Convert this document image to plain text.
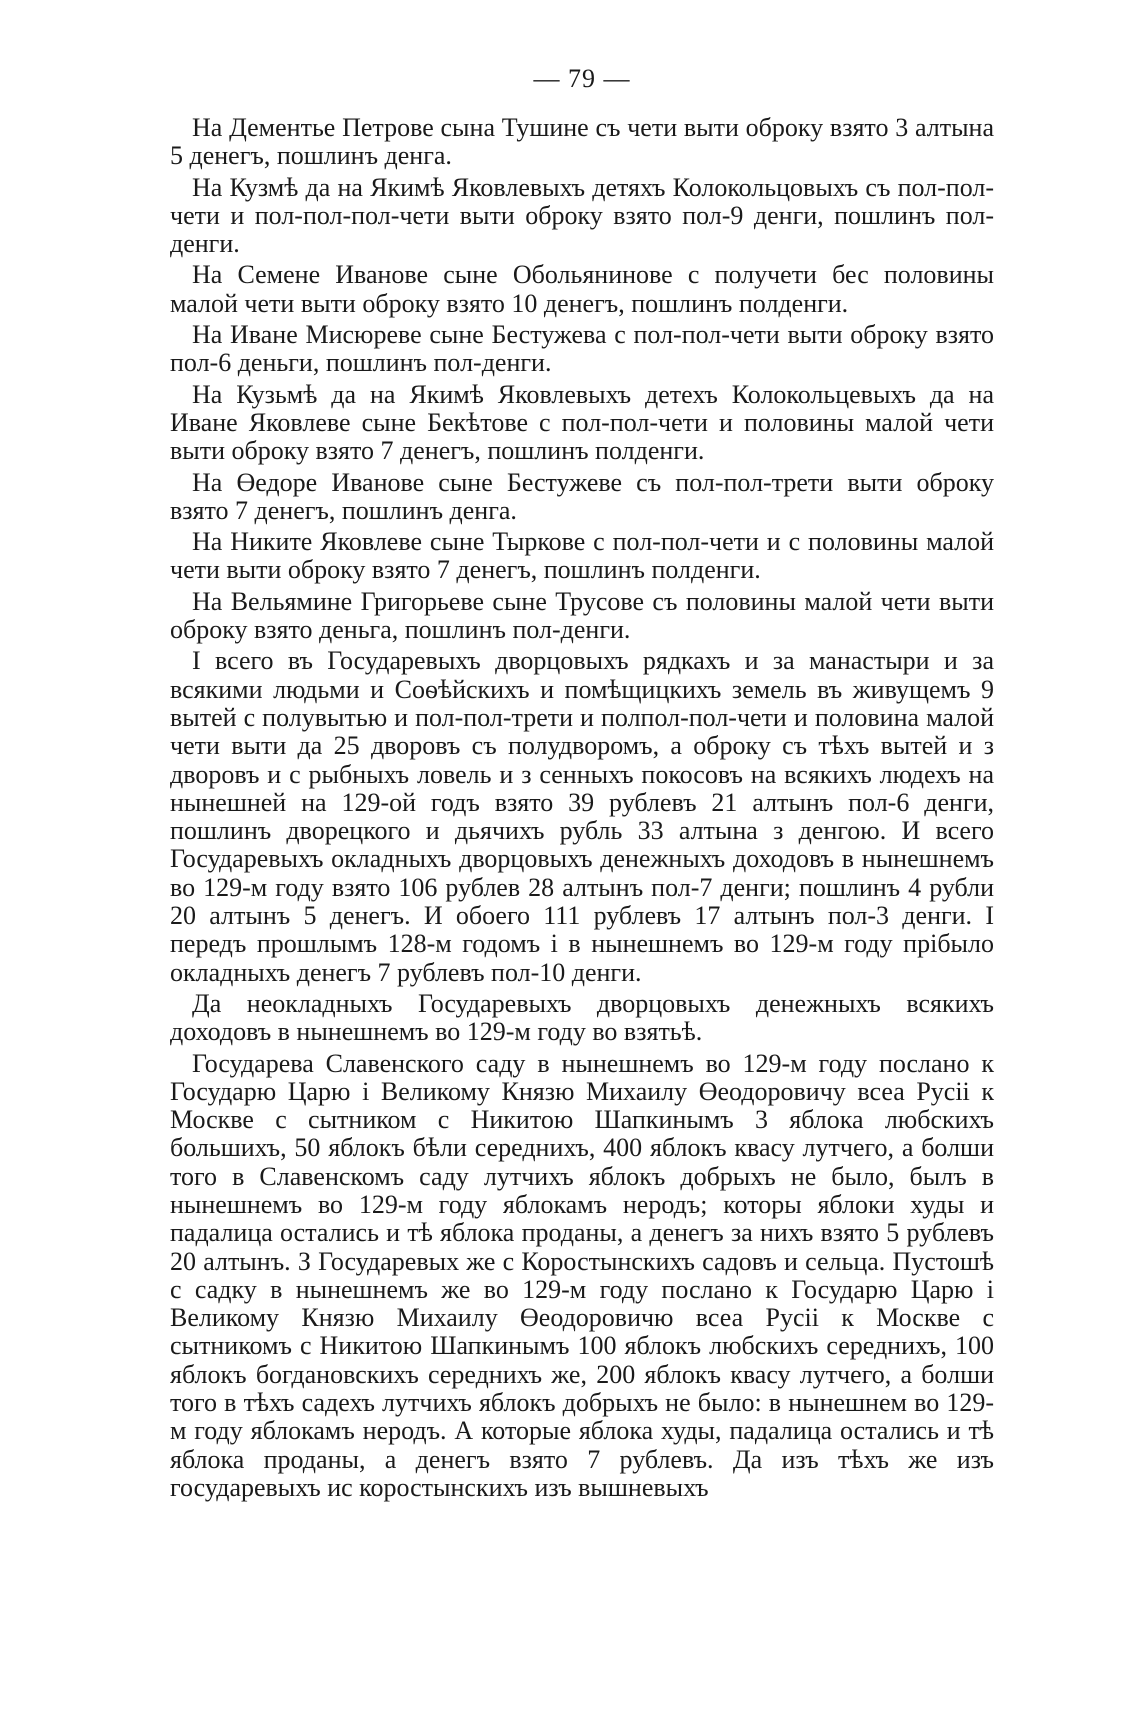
— 79 —

На Дементье Петрове сына Тушине съ чети выти оброку взято 3 алтына 5 денегъ, пошлинъ денга.

На Кузмѣ да на Якимѣ Яковлевыхъ детяхъ Колокольцовыхъ съ пол-пол-чети и пол-пол-пол-чети выти оброку взято пол-9 денги, пошлинъ пол-денги.

На Семене Иванове сыне Обольянинове с получети бес половины малой чети выти оброку взято 10 денегъ, пошлинъ полденги.

На Иване Мисюреве сыне Бестужева с пол-пол-чети выти оброку взято пол-6 деньги, пошлинъ пол-денги.

На Кузьмѣ да на Якимѣ Яковлевыхъ детехъ Колокольцевыхъ да на Иване Яковлеве сыне Бекѣтове с пол-пол-чети и половины малой чети выти оброку взято 7 денегъ, пошлинъ полденги.

На Өедоре Иванове сыне Бестужеве съ пол-пол-трети выти оброку взято 7 денегъ, пошлинъ денга.

На Никите Яковлеве сыне Тыркове с пол-пол-чети и с половины малой чети выти оброку взято 7 денегъ, пошлинъ полденги.

На Вельямине Григорьеве сыне Трусове съ половины малой чети выти оброку взято деньга, пошлинъ пол-денги.

І всего въ Государевыхъ дворцовыхъ рядкахъ и за манастыри и за всякими людьми и Соѳѣйскихъ и помѣщицкихъ земель въ живущемъ 9 вытей с полувытью и пол-пол-трети и полпол-пол-чети и половина малой чети выти да 25 дворовъ съ полудворомъ, а оброку съ тѣхъ вытей и з дворовъ и с рыбныхъ ловель и з сенныхъ покосовъ на всякихъ людехъ на нынешней на 129-ой годъ взято 39 рублевъ 21 алтынъ пол-6 денги, пошлинъ дворецкого и дьячихъ рубль 33 алтына з денгою. И всего Государевыхъ окладныхъ дворцовыхъ денежныхъ доходовъ в нынешнемъ во 129-м году взято 106 рублев 28 алтынъ пол-7 денги; пошлинъ 4 рубли 20 алтынъ 5 денегъ. И обоего 111 рублевъ 17 алтынъ пол-3 денги. І передъ прошлымъ 128-м годомъ і в нынешнемъ во 129-м году прібыло окладныхъ денегъ 7 рублевъ пол-10 денги.

Да неокладныхъ Государевыхъ дворцовыхъ денежныхъ всякихъ доходовъ в нынешнемъ во 129-м году во взятьѣ.

Государева Славенского саду в нынешнемъ во 129-м году послано к Государю Царю і Великому Князю Михаилу Өеодоровичу всеа Русіі к Москве с сытником с Никитою Шапкинымъ 3 яблока любскихъ большихъ, 50 яблокъ бѣли середнихъ, 400 яблокъ квасу лутчего, а болши того в Славенскомъ саду лутчихъ яблокъ добрыхъ не было, былъ в нынешнемъ во 129-м году яблокамъ неродъ; которы яблоки худы и падалица остались и тѣ яблока проданы, а денегъ за нихъ взято 5 рублевъ 20 алтынъ. З Государевых же с Коростынскихъ садовъ и сельца. Пустошѣ с садку в нынешнемъ же во 129-м году послано к Государю Царю і Великому Князю Михаилу Өеодоровичю всеа Русіі к Москве с сытникомъ с Никитою Шапкинымъ 100 яблокъ любскихъ середнихъ, 100 яблокъ богдановскихъ середнихъ же, 200 яблокъ квасу лутчего, а болши того в тѣхъ садехъ лутчихъ яблокъ добрыхъ не было: в нынешнем во 129-м году яблокамъ неродъ. А которые яблока худы, падалица остались и тѣ яблока проданы, а денегъ взято 7 рублевъ. Да изъ тѣхъ же изъ государевыхъ ис коростынскихъ изъ вышневыхъ
